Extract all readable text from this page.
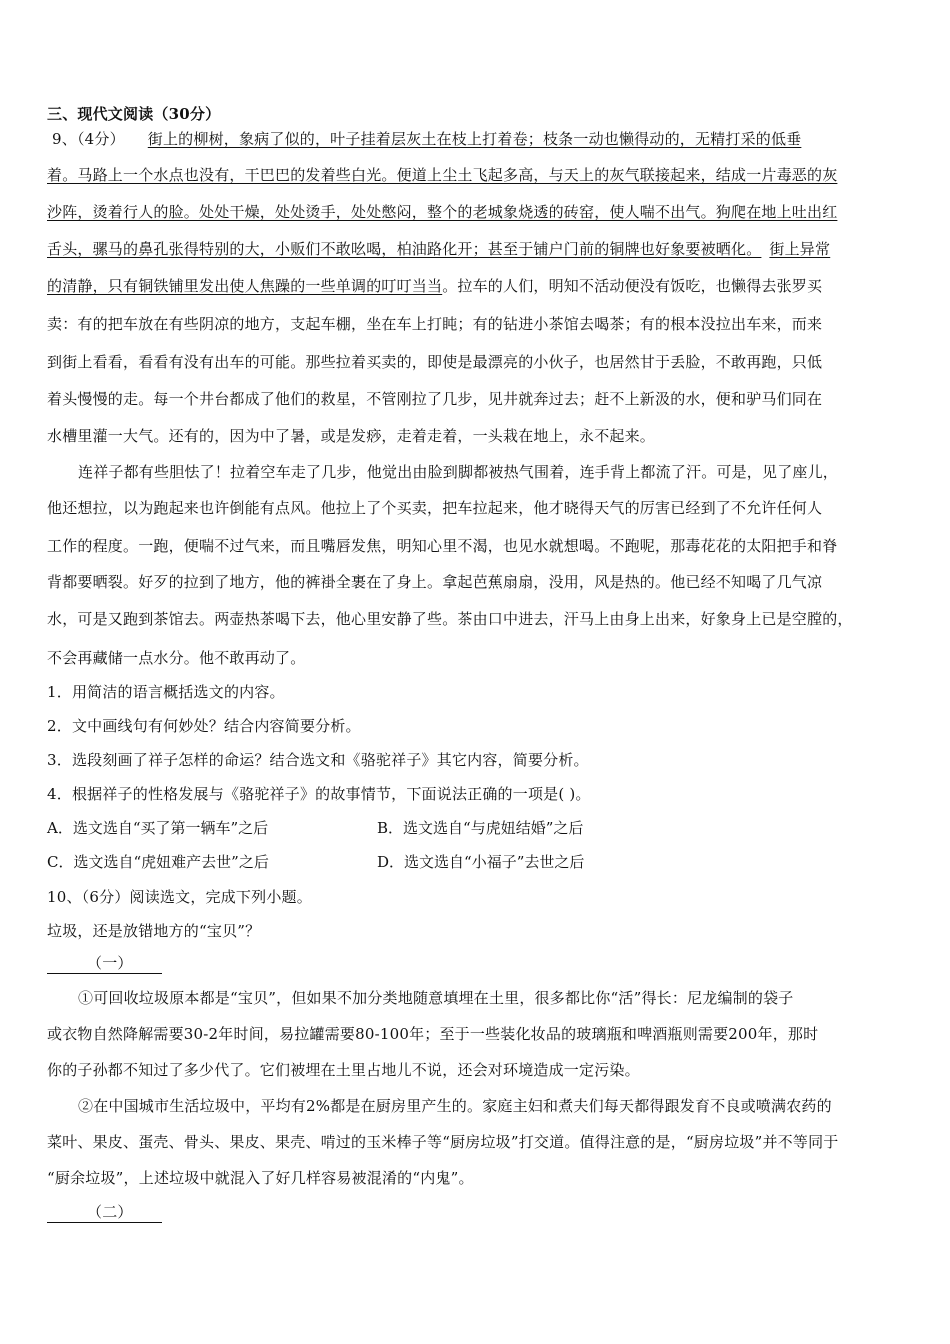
三、现代文阅读（30分）
9、（4分） 街上的柳树，象病了似的，叶子挂着层灰土在枝上打着卷；枝条一动也懒得动的，无精打采的低垂
着。马路上一个水点也没有，干巴巴的发着些白光。便道上尘土飞起多高，与天上的灰气联接起来，结成一片毒恶的灰
沙阵，烫着行人的脸。处处干燥，处处烫手，处处憋闷，整个的老城象烧透的砖窑，使人喘不出气。狗爬在地上吐出红
舌头，骡马的鼻孔张得特别的大，小贩们不敢吆喝，柏油路化开；甚至于铺户门前的铜牌也好象要被晒化。 街上异常
的清静，只有铜铁铺里发出使人焦躁的一些单调的叮叮当当。拉车的人们，明知不活动便没有饭吃，也懒得去张罗买
卖：有的把车放在有些阴凉的地方，支起车棚，坐在车上打盹；有的钻进小茶馆去喝茶；有的根本没拉出车来，而来
到街上看看，看看有没有出车的可能。那些拉着买卖的，即使是最漂亮的小伙子，也居然甘于丢脸，不敢再跑，只低
着头慢慢的走。每一个井台都成了他们的救星，不管刚拉了几步，见井就奔过去；赶不上新汲的水，便和驴马们同在
水槽里灌一大气。还有的，因为中了暑，或是发痧，走着走着，一头栽在地上，永不起来。
连祥子都有些胆怯了！拉着空车走了几步，他觉出由脸到脚都被热气围着，连手背上都流了汗。可是，见了座儿，
他还想拉，以为跑起来也许倒能有点风。他拉上了个买卖，把车拉起来，他才晓得天气的厉害已经到了不允许任何人
工作的程度。一跑，便喘不过气来，而且嘴唇发焦，明知心里不渴，也见水就想喝。不跑呢，那毒花花的太阳把手和脊
背都要晒裂。好歹的拉到了地方，他的裤褂全裹在了身上。拿起芭蕉扇扇，没用，风是热的。他已经不知喝了几气凉
水，可是又跑到茶馆去。两壶热茶喝下去，他心里安静了些。茶由口中进去，汗马上由身上出来，好象身上已是空膛的，
不会再藏储一点水分。他不敢再动了。
1．用简洁的语言概括选文的内容。
2．文中画线句有何妙处？结合内容简要分析。
3．选段刻画了祥子怎样的命运？结合选文和《骆驼祥子》其它内容，简要分析。
4．根据祥子的性格发展与《骆驼祥子》的故事情节，下面说法正确的一项是( )。
A．选文选自“买了第一辆车”之后	B．选文选自“与虎妞结婚”之后
C．选文选自“虎妞难产去世”之后	D．选文选自“小福子”去世之后
10、（6分）阅读选文，完成下列小题。
垃圾，还是放错地方的“宝贝”？
（一）
①可回收垃圾原本都是“宝贝”，但如果不加分类地随意填埋在土里，很多都比你“活”得长：尼龙编制的袋子
或衣物自然降解需要30-2年时间，易拉罐需要80-100年；至于一些装化妆品的玻璃瓶和啤酒瓶则需要200年，那时
你的子孙都不知过了多少代了。它们被埋在土里占地儿不说，还会对环境造成一定污染。
②在中国城市生活垃圾中，平均有2%都是在厨房里产生的。家庭主妇和煮夫们每天都得跟发育不良或喷满农药的
菜叶、果皮、蛋壳、骨头、果皮、果壳、啃过的玉米棒子等“厨房垃圾”打交道。值得注意的是，“厨房垃圾”并不等同于
“厨余垃圾”，上述垃圾中就混入了好几样容易被混淆的“内鬼”。
（二）
